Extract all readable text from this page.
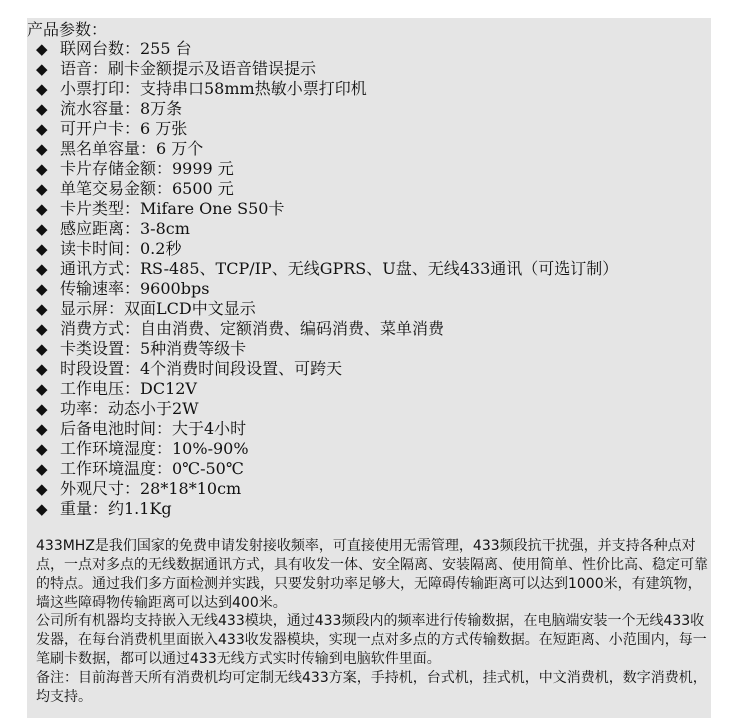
产品参数：
◆ 联网台数：255 台
◆ 语音：刷卡金额提示及语音错误提示
◆ 小票打印：支持串口58mm热敏小票打印机
◆ 流水容量：8万条
◆ 可开户卡：6 万张
◆ 黑名单容量：6 万个
◆ 卡片存储金额：9999 元
◆ 单笔交易金额：6500 元
◆ 卡片类型：Mifare One S50卡
◆ 感应距离：3-8cm
◆ 读卡时间：0.2秒
◆ 通讯方式：RS-485、TCP/IP、无线GPRS、U盘、无线433通讯（可选订制）
◆ 传输速率：9600bps
◆ 显示屏：双面LCD中文显示
◆ 消费方式：自由消费、定额消费、编码消费、菜单消费
◆ 卡类设置：5种消费等级卡
◆ 时段设置：4个消费时间段设置、可跨天
◆ 工作电压：DC12V
◆ 功率：动态小于2W
◆ 后备电池时间：大于4小时
◆ 工作环境湿度：10%-90%
◆ 工作环境温度：0℃-50℃
◆ 外观尺寸：28*18*10cm
◆ 重量：约1.1Kg

433MHZ是我们国家的免费申请发射接收频率，可直接使用无需管理，433频段抗干扰强，并支持各种点对点，一点对多点的无线数据通讯方式，具有收发一体、安全隔离、安装隔离、使用简单、性价比高、稳定可靠的特点。通过我们多方面检测并实践，只要发射功率足够大，无障碍传输距离可以达到1000米，有建筑物，墙这些障碍物传输距离可以达到400米。

公司所有机器均支持嵌入无线433模块，通过433频段内的频率进行传输数据，在电脑端安装一个无线433收发器，在每台消费机里面嵌入433收发器模块，实现一点对多点的方式传输数据。在短距离、小范围内，每一笔刷卡数据，都可以通过433无线方式实时传输到电脑软件里面。

备注：目前海普天所有消费机均可定制无线433方案，手持机，台式机，挂式机，中文消费机，数字消费机，均支持。
